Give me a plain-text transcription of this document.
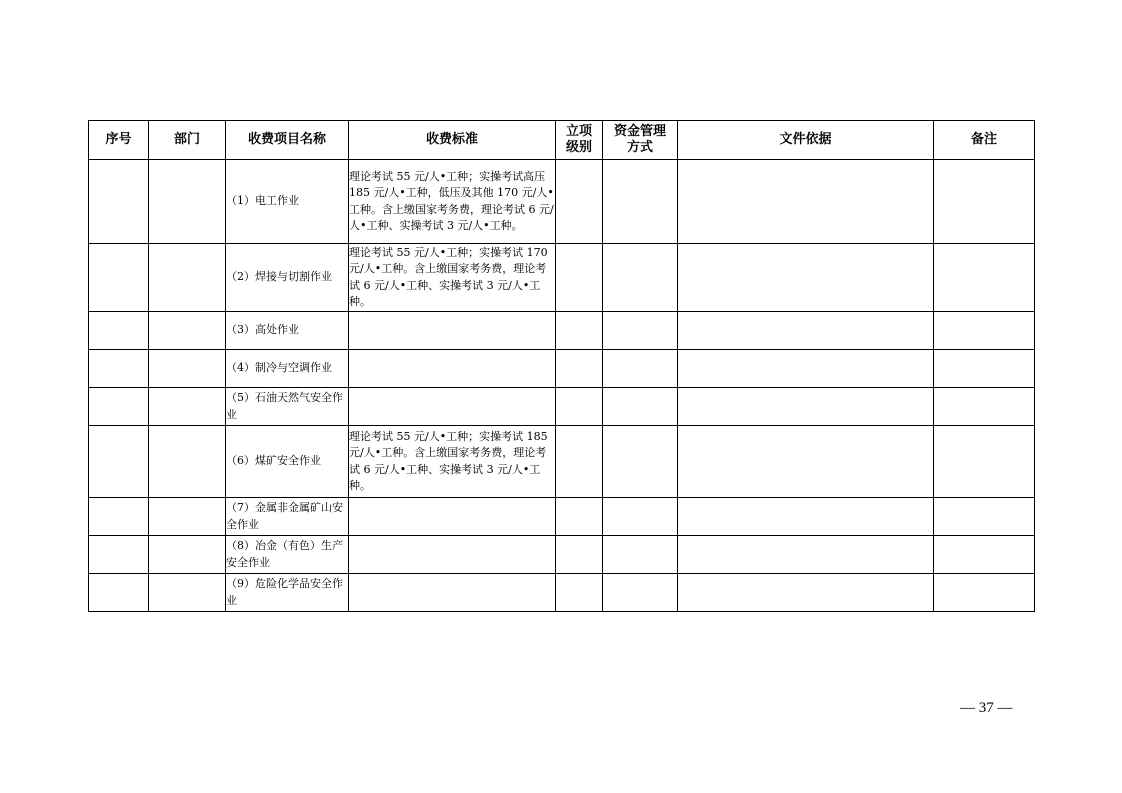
序号	部门	收费项目名称	收费标准	立项级别	资金管理方式	文件依据	备注
		（1）电工作业	理论考试 55 元/人•工种；实操考试高压 185 元/人•工种，低压及其他 170 元/人•工种。含上缴国家考务费，理论考试 6 元/人•工种、实操考试 3 元/人•工种。				
		（2）焊接与切割作业	理论考试 55 元/人•工种；实操考试 170 元/人•工种。含上缴国家考务费，理论考试 6 元/人•工种、实操考试 3 元/人•工种。				
		（3）高处作业					
		（4）制冷与空调作业					
		（5）石油天然气安全作业					
		（6）煤矿安全作业	理论考试 55 元/人•工种；实操考试 185 元/人•工种。含上缴国家考务费，理论考试 6 元/人•工种、实操考试 3 元/人•工种。				
		（7）金属非金属矿山安全作业					
		（8）冶金（有色）生产安全作业					
		（9）危险化学品安全作业					
— 37 —
